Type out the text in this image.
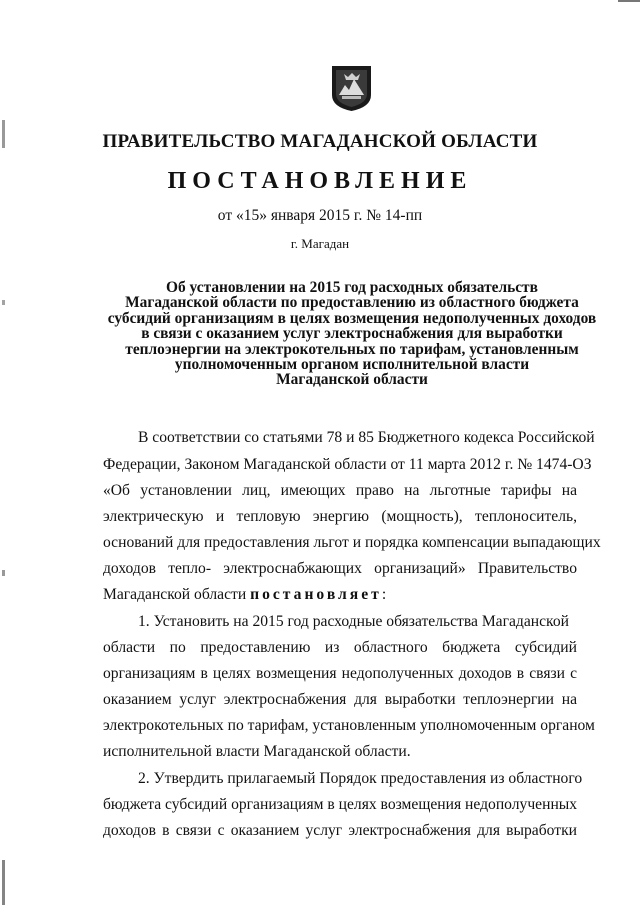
ПРАВИТЕЛЬСТВО МАГАДАНСКОЙ ОБЛАСТИ
ПОСТАНОВЛЕНИЕ
от «15» января 2015 г. № 14-пп
г. Магадан
Об установлении на 2015 год расходных обязательств
Магаданской области по предоставлению из областного бюджета
субсидий организациям в целях возмещения недополученных доходов
в связи с оказанием услуг электроснабжения для выработки
теплоэнергии на электрокотельных по тарифам, установленным
уполномоченным органом исполнительной власти
Магаданской области
В соответствии со статьями 78 и 85 Бюджетного кодекса Российской
Федерации, Законом Магаданской области от 11 марта 2012 г. № 1474-ОЗ
«Об установлении лиц, имеющих право на льготные тарифы на
электрическую и тепловую энергию (мощность), теплоноситель,
оснований для предоставления льгот и порядка компенсации выпадающих
доходов тепло- электроснабжающих организаций» Правительство
Магаданской области постановляет:
1. Установить на 2015 год расходные обязательства Магаданской
области по предоставлению из областного бюджета субсидий
организациям в целях возмещения недополученных доходов в связи с
оказанием услуг электроснабжения для выработки теплоэнергии на
электрокотельных по тарифам, установленным уполномоченным органом
исполнительной власти Магаданской области.
2. Утвердить прилагаемый Порядок предоставления из областного
бюджета субсидий организациям в целях возмещения недополученных
доходов в связи с оказанием услуг электроснабжения для выработки
